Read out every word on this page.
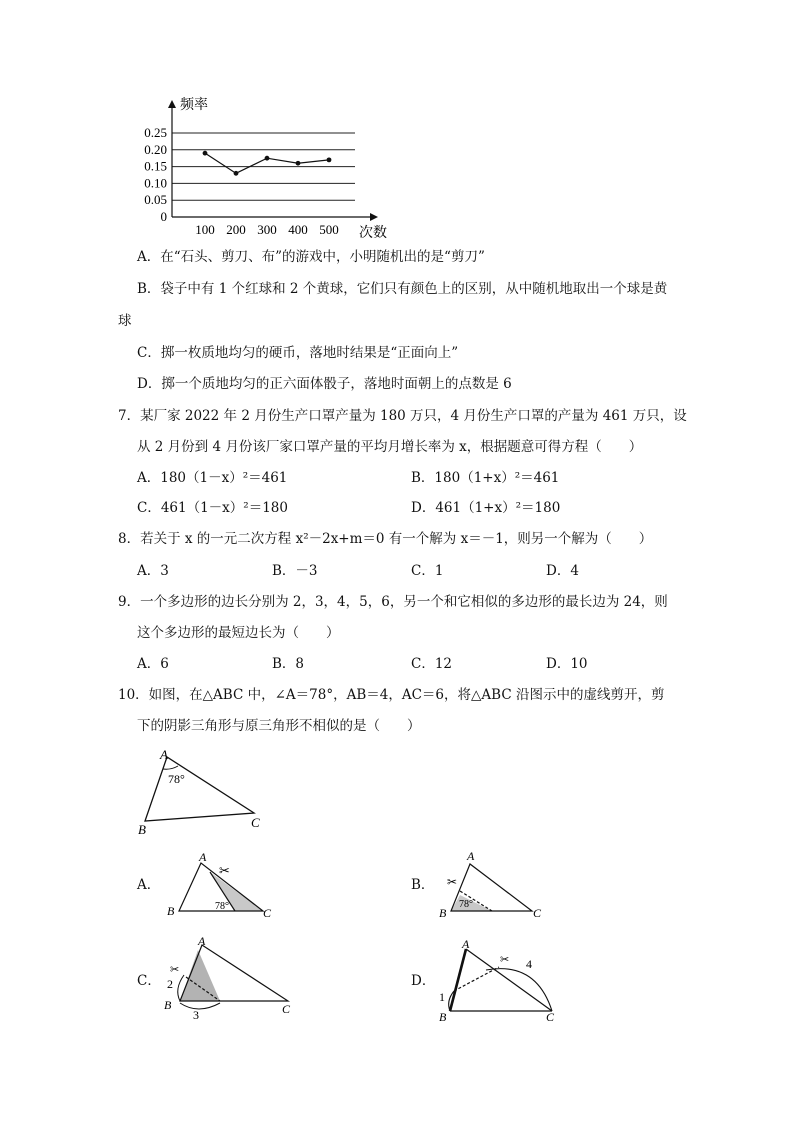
0.25
0.20
0.15
0.10
0.05
0
100 200 300 400 500
频率
次数
A．在“石头、剪刀、布”的游戏中，小明随机出的是“剪刀”
B．袋子中有 1 个红球和 2 个黄球，它们只有颜色上的区别，从中随机地取出一个球是黄
球
C．掷一枚质地均匀的硬币，落地时结果是“正面向上”
D．掷一个质地均匀的正六面体骰子，落地时面朝上的点数是 6
7．某厂家 2022 年 2 月份生产口罩产量为 180 万只，4 月份生产口罩的产量为 461 万只，设
从 2 月份到 4 月份该厂家口罩产量的平均月增长率为 x，根据题意可得方程（　　）
A．180（1－x）²＝461	B．180（1+x）²＝461
C．461（1－x）²＝180	D．461（1+x）²＝180
8．若关于 x 的一元二次方程 x²－2x+m＝0 有一个解为 x＝－1，则另一个解为（　　）
A．3	B．－3	C．1	D．4
9．一个多边形的边长分别为 2，3，4，5，6，另一个和它相似的多边形的最长边为 24，则
这个多边形的最短边长为（　　）
A．6	B．8	C．12	D．10
10．如图，在△ABC 中，∠A＝78°，AB＝4，AC＝6，将△ABC 沿图示中的虚线剪开，剪
下的阴影三角形与原三角形不相似的是（　　）
A
78°
B	C
A．
78°
✂
A
B	C
B．
78°
✂
A
B	C
C．
✂
2
3
A
B	C
D．
✂
1
4
A
B	C
